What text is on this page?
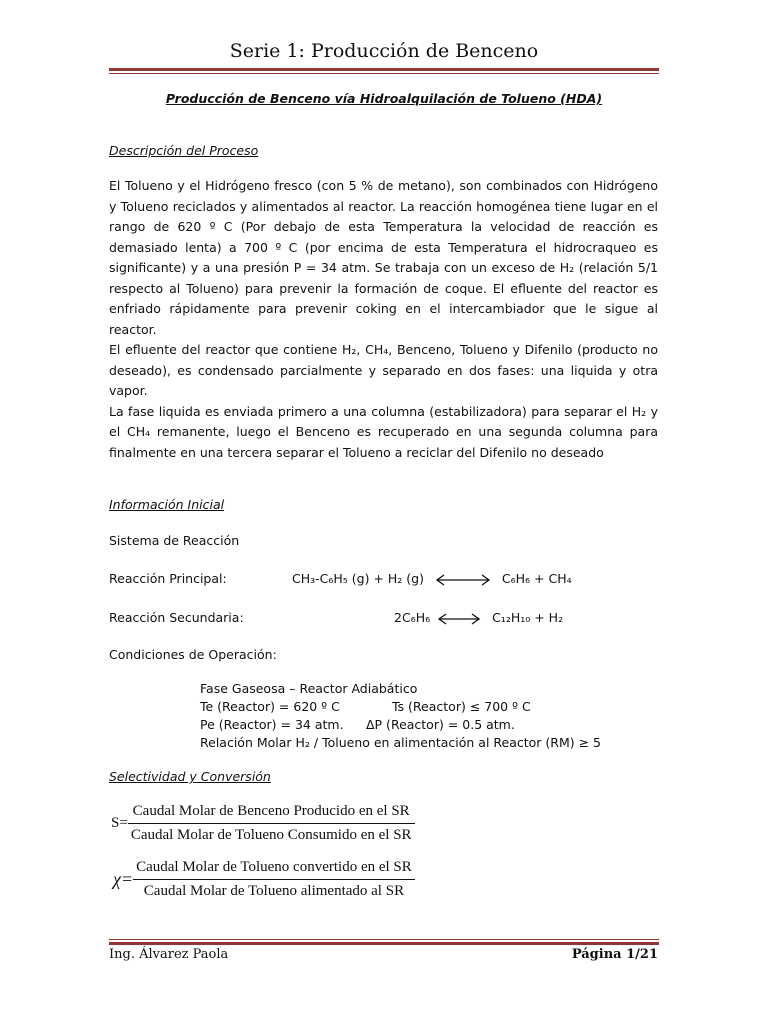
Serie 1: Producción de Benceno
Producción de Benceno vía Hidroalquilación de Tolueno (HDA)
Descripción del Proceso

El Tolueno y el Hidrógeno fresco (con 5 % de metano), son combinados con Hidrógeno y Tolueno reciclados y alimentados al reactor. La reacción homogénea tiene lugar en el rango de 620 º C (Por debajo de esta Temperatura la velocidad de reacción es demasiado lenta) a 700 º C (por encima de esta Temperatura el hidrocraqueo es significante) y a una presión P = 34 atm. Se trabaja con un exceso de H₂ (relación 5/1 respecto al Tolueno) para prevenir la formación de coque. El efluente del reactor es enfriado rápidamente para prevenir coking en el intercambiador que le sigue al reactor.

El efluente del reactor que contiene H₂, CH₄, Benceno, Tolueno y Difenilo (producto no deseado), es condensado parcialmente y separado en dos fases: una liquida y otra vapor.

La fase liquida es enviada primero a una columna (estabilizadora) para separar el H₂ y el CH₄ remanente, luego el Benceno es recuperado en una segunda columna para finalmente en una tercera separar el Tolueno a reciclar del Difenilo no deseado

Información Inicial
Sistema de Reacción
Reacción Principal:	CH₃-C₆H₅ (g) + H₂ (g)	C₆H₆ + CH₄
Reacción Secundaria:	2C₆H₆	C₁₂H₁₀ + H₂
Condiciones de Operación:
Fase Gaseosa – Reactor Adiabático
Te (Reactor) = 620 º C	Ts (Reactor) ≤ 700 º C
Pe (Reactor) = 34 atm. ΔP (Reactor) = 0.5 atm.
Relación Molar H₂ / Tolueno en alimentación al Reactor (RM) ≥ 5
Selectividad y Conversión
S=	Caudal Molar de Benceno Producido en el SR
Caudal Molar de Tolueno Consumido en el SR
χ=	Caudal Molar de Tolueno convertido en el SR
Caudal Molar de Tolueno alimentado al SR
Ing. Álvarez Paola	Página 1/21
